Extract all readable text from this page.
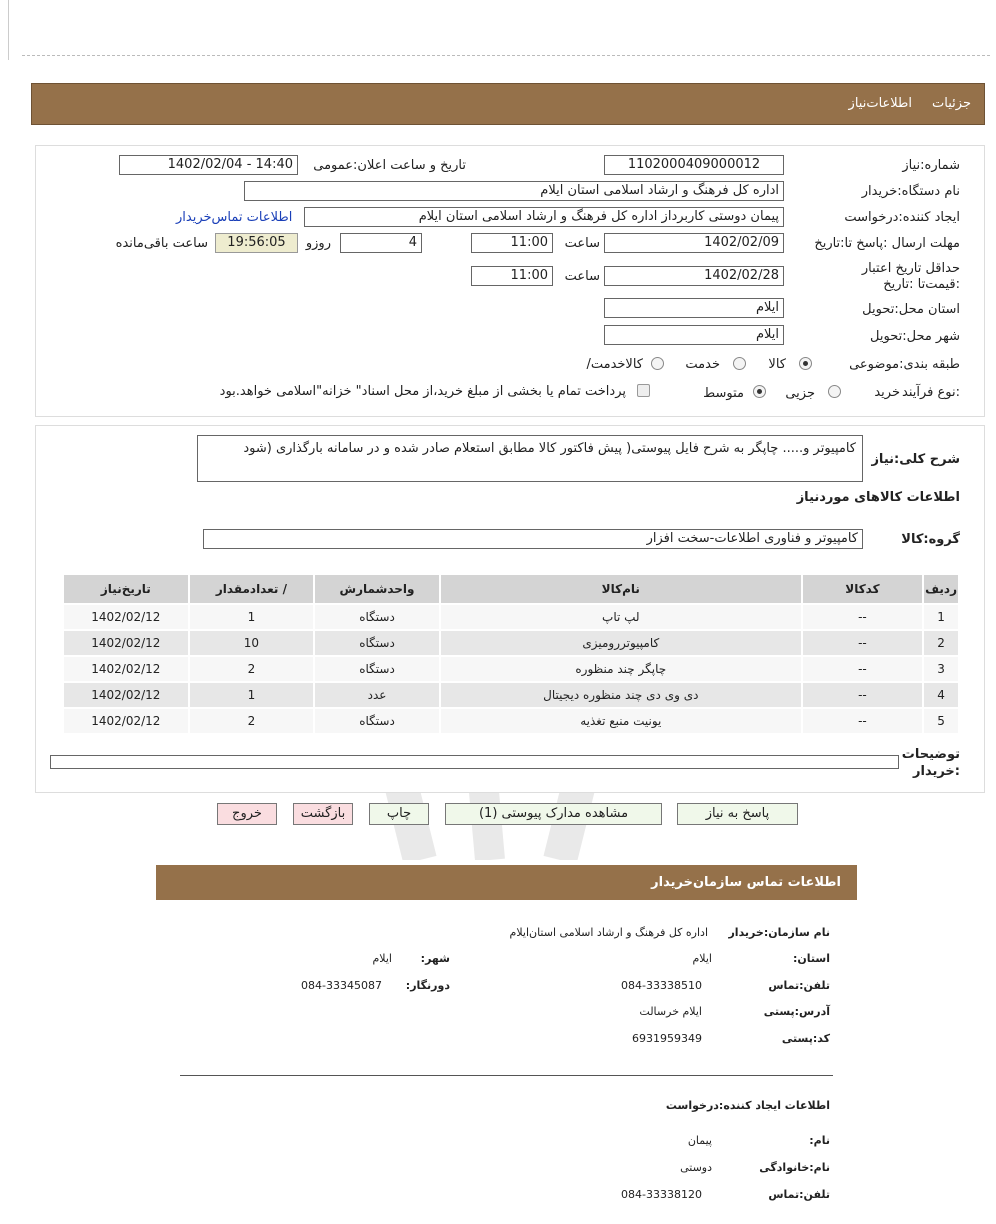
جزئیات
اطلاعات‌نیاز
شماره:نیاز
1102000409000012
تاریخ و ساعت اعلان:عمومی
1402/02/04 - 14:40
نام دستگاه:خریدار
اداره کل فرهنگ و ارشاد اسلامی استان ایلام
ایجاد کننده:درخواست
پیمان دوستی کاربرداز اداره کل فرهنگ و ارشاد اسلامی استان ایلام
اطلاعات تماس‌خریدار
مهلت ارسال :پاسخ تا:تاریخ
1402/02/09
ساعت
11:00
4
روزو
19:56:05
ساعت باقی‌مانده
حداقل تاریخ اعتبار :قیمت‌تا :تاریخ
1402/02/28
ساعت
11:00
استان محل:تحویل
ایلام
شهر محل:تحویل
ایلام
طبقه بندی:موضوعی
کالا
خدمت
/کالاخدمت
نوع فرآیند:
خرید
جزیی
متوسط
پرداخت تمام یا بخشی از مبلغ خرید،از محل اسناد" خزانه"اسلامی خواهد.بود
شرح کلی:نیاز
کامپیوتر و..... چاپگر به شرح فایل پیوستی( پیش فاکتور کالا مطابق استعلام صادر شده و در سامانه بارگذاری (شود
اطلاعات کالاهای موردنیاز
گروه:کالا
کامپیوتر و فناوری اطلاعات-سخت افزار
ردیف	کدکالا	نام‌کالا	واحدشمارش	/ تعدادمقدار	تاریخ‌نیاز
1	--	لپ تاپ	دستگاه	1	1402/02/12
2	--	کامپیوتررومیزی	دستگاه	10	1402/02/12
3	--	چاپگر چند منظوره	دستگاه	2	1402/02/12
4	--	دی وی دی چند منظوره دیجیتال	عدد	1	1402/02/12
5	--	یونیت منبع تغذیه	دستگاه	2	1402/02/12
توضیحات :خریدار
پاسخ به نیاز
مشاهده مدارک پیوستی (1)
چاپ
بازگشت
خروج
اطلاعات تماس سازمان‌خریدار
نام سازمان:خریدار
اداره کل فرهنگ و ارشاد اسلامی استان‌ایلام
:استان
ایلام
:شهر
ایلام
تلفن:تماس
084-33338510
:دورنگار
084-33345087
آدرس:پستی
ایلام خرسالت
کد:پستی
6931959349
اطلاعات ایجاد کننده:درخواست
:نام
پیمان
نام:خانوادگی
دوستی
تلفن:تماس
084-33338120
